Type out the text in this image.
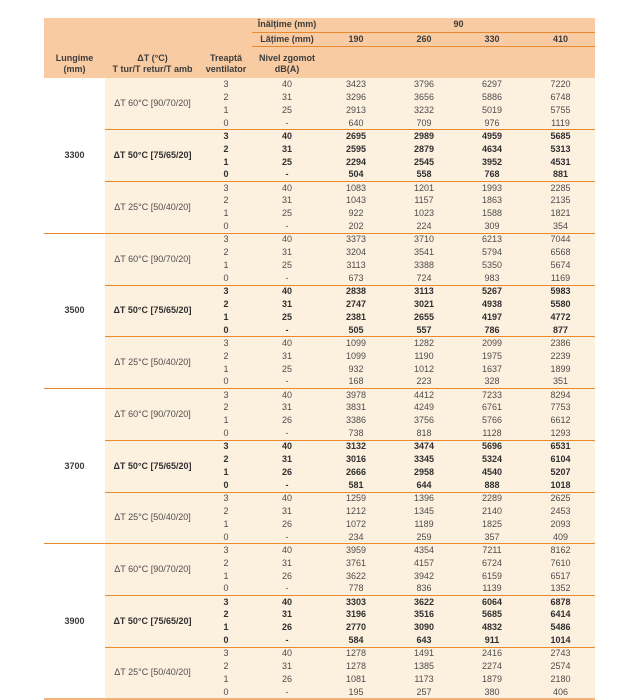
Lungime
(mm)

ΔT (°C)
T tur/T retur/T amb

Treaptă
ventilator
	Înălțime (mm)	90
			Lățime (mm)	190	260	330	410

			Nivel zgomot
dB(A)				

3300	ΔT 60°C [90/70/20]	3	40	3423	3796	6297	7220
		2	31	3296	3656	5886	6748
		1	25	2913	3232	5019	5755
		0	-	640	709	976	1119
	ΔT 50°C [75/65/20]	3	40	2695	2989	4959	5685
		2	31	2595	2879	4634	5313
		1	25	2294	2545	3952	4531
		0	-	504	558	768	881
	ΔT 25°C [50/40/20]	3	40	1083	1201	1993	2285
		2	31	1043	1157	1863	2135
		1	25	922	1023	1588	1821
		0	-	202	224	309	354
3500	ΔT 60°C [90/70/20]	3	40	3373	3710	6213	7044
		2	31	3204	3541	5794	6568
		1	25	3113	3388	5350	5674
		0	-	673	724	983	1169
	ΔT 50°C [75/65/20]	3	40	2838	3113	5267	5983
		2	31	2747	3021	4938	5580
		1	25	2381	2655	4197	4772
		0	-	505	557	786	877
	ΔT 25°C [50/40/20]	3	40	1099	1282	2099	2386
		2	31	1099	1190	1975	2239
		1	25	932	1012	1637	1899
		0	-	168	223	328	351
3700	ΔT 60°C [90/70/20]	3	40	3978	4412	7233	8294
		2	31	3831	4249	6761	7753
		1	26	3386	3756	5766	6612
		0	-	738	818	1128	1293
	ΔT 50°C [75/65/20]	3	40	3132	3474	5696	6531
		2	31	3016	3345	5324	6104
		1	26	2666	2958	4540	5207
		0	-	581	644	888	1018
	ΔT 25°C [50/40/20]	3	40	1259	1396	2289	2625
		2	31	1212	1345	2140	2453
		1	26	1072	1189	1825	2093
		0	-	234	259	357	409
3900	ΔT 60°C [90/70/20]	3	40	3959	4354	7211	8162
		2	31	3761	4157	6724	7610
		1	26	3622	3942	6159	6517
		0	-	778	836	1139	1352
	ΔT 50°C [75/65/20]	3	40	3303	3622	6064	6878
		2	31	3196	3516	5685	6414
		1	26	2770	3090	4832	5486
		0	-	584	643	911	1014
	ΔT 25°C [50/40/20]	3	40	1278	1491	2416	2743
		2	31	1278	1385	2274	2574
		1	26	1081	1173	1879	2180
		0	-	195	257	380	406
